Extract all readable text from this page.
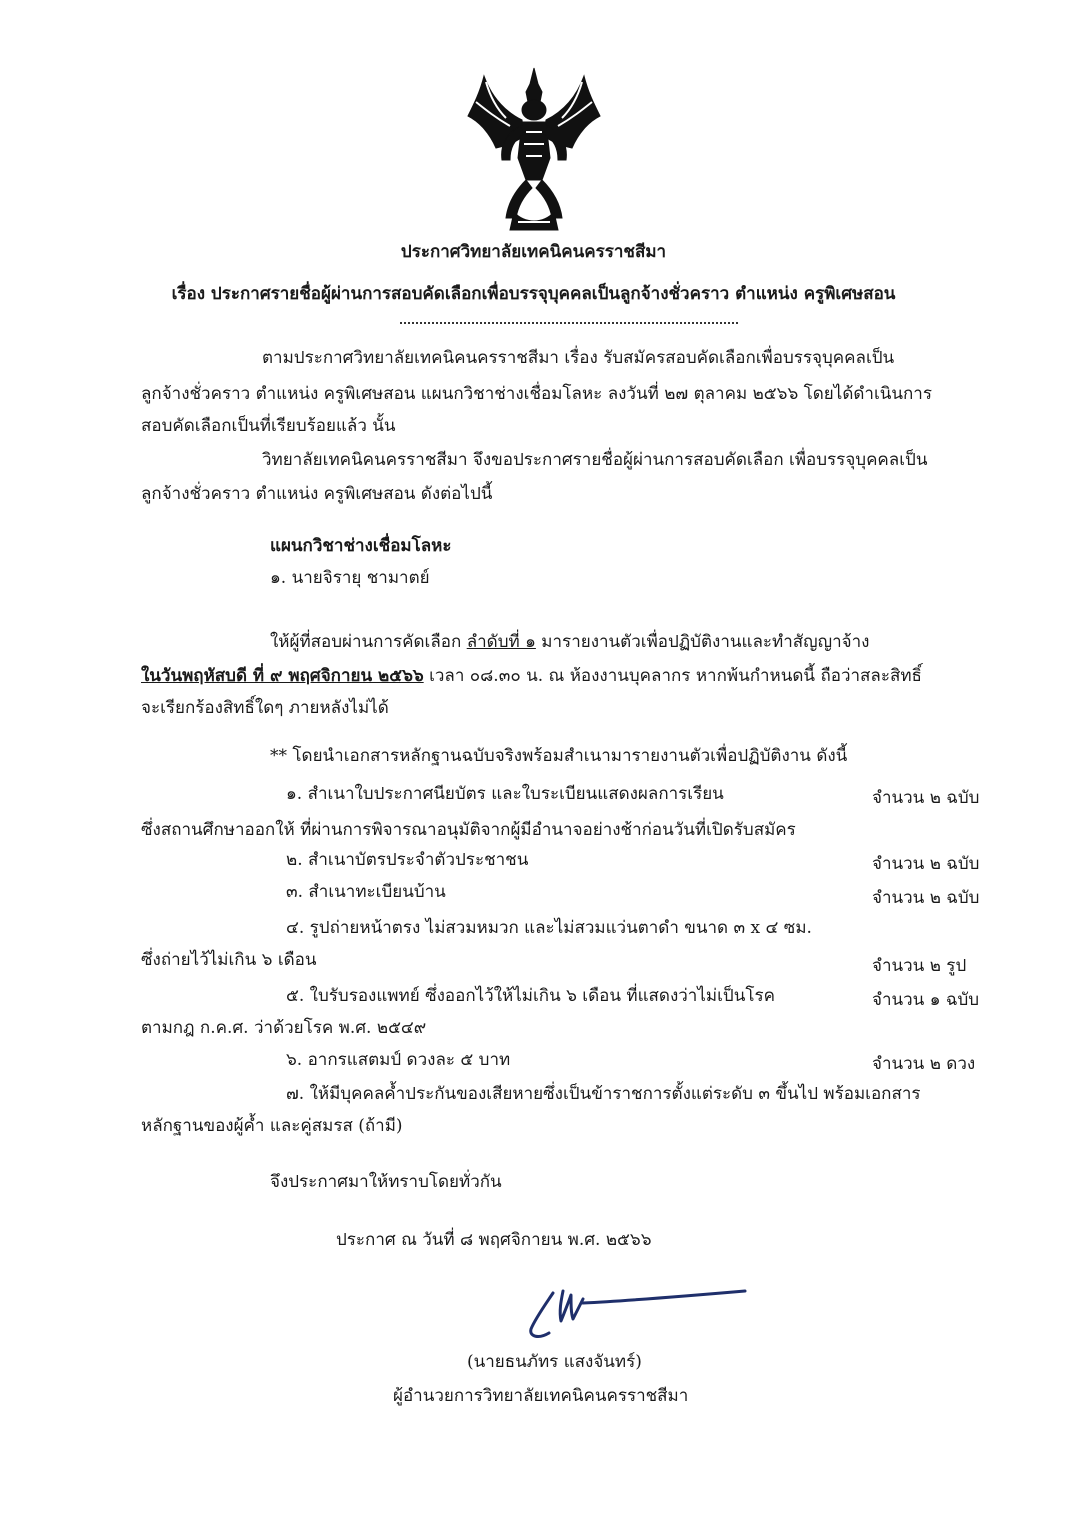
ประกาศวิทยาลัยเทคนิคนครราชสีมา
เรื่อง ประกาศรายชื่อผู้ผ่านการสอบคัดเลือกเพื่อบรรจุบุคคลเป็นลูกจ้างชั่วคราว ตำแหน่ง ครูพิเศษสอน
ตามประกาศวิทยาลัยเทคนิคนครราชสีมา เรื่อง รับสมัครสอบคัดเลือกเพื่อบรรจุบุคคลเป็น
ลูกจ้างชั่วคราว ตำแหน่ง ครูพิเศษสอน แผนกวิชาช่างเชื่อมโลหะ ลงวันที่ ๒๗ ตุลาคม ๒๕๖๖ โดยได้ดำเนินการ
สอบคัดเลือกเป็นที่เรียบร้อยแล้ว นั้น
วิทยาลัยเทคนิคนครราชสีมา จึงขอประกาศรายชื่อผู้ผ่านการสอบคัดเลือก เพื่อบรรจุบุคคลเป็น
ลูกจ้างชั่วคราว ตำแหน่ง ครูพิเศษสอน ดังต่อไปนี้
แผนกวิชาช่างเชื่อมโลหะ
๑. นายจิรายุ ชามาตย์
ให้ผู้ที่สอบผ่านการคัดเลือก ลำดับที่ ๑ มารายงานตัวเพื่อปฏิบัติงานและทำสัญญาจ้าง
ในวันพฤหัสบดี ที่ ๙ พฤศจิกายน ๒๕๖๖ เวลา ๐๘.๓๐ น. ณ ห้องงานบุคลากร หากพ้นกำหนดนี้ ถือว่าสละสิทธิ์
จะเรียกร้องสิทธิ์ใดๆ ภายหลังไม่ได้
** โดยนำเอกสารหลักฐานฉบับจริงพร้อมสำเนามารายงานตัวเพื่อปฏิบัติงาน ดังนี้
๑. สำเนาใบประกาศนียบัตร และใบระเบียนแสดงผลการเรียน	จำนวน ๒ ฉบับ
ซึ่งสถานศึกษาออกให้ ที่ผ่านการพิจารณาอนุมัติจากผู้มีอำนาจอย่างช้าก่อนวันที่เปิดรับสมัคร
๒. สำเนาบัตรประจำตัวประชาชน	จำนวน ๒ ฉบับ
๓. สำเนาทะเบียนบ้าน	จำนวน ๒ ฉบับ
๔. รูปถ่ายหน้าตรง ไม่สวมหมวก และไม่สวมแว่นตาดำ ขนาด ๓ x ๔ ซม.
ซึ่งถ่ายไว้ไม่เกิน ๖ เดือน	จำนวน ๒ รูป
๕. ใบรับรองแพทย์ ซึ่งออกไว้ให้ไม่เกิน ๖ เดือน ที่แสดงว่าไม่เป็นโรค	จำนวน ๑ ฉบับ
ตามกฎ ก.ค.ศ. ว่าด้วยโรค พ.ศ. ๒๕๔๙
๖. อากรแสตมป์ ดวงละ ๕ บาท	จำนวน ๒ ดวง
๗. ให้มีบุคคลค้ำประกันของเสียหายซึ่งเป็นข้าราชการตั้งแต่ระดับ ๓ ขึ้นไป พร้อมเอกสาร
หลักฐานของผู้ค้ำ และคู่สมรส (ถ้ามี)
จึงประกาศมาให้ทราบโดยทั่วกัน
ประกาศ ณ วันที่ ๘ พฤศจิกายน พ.ศ. ๒๕๖๖
(นายธนภัทร แสงจันทร์)
ผู้อำนวยการวิทยาลัยเทคนิคนครราชสีมา
